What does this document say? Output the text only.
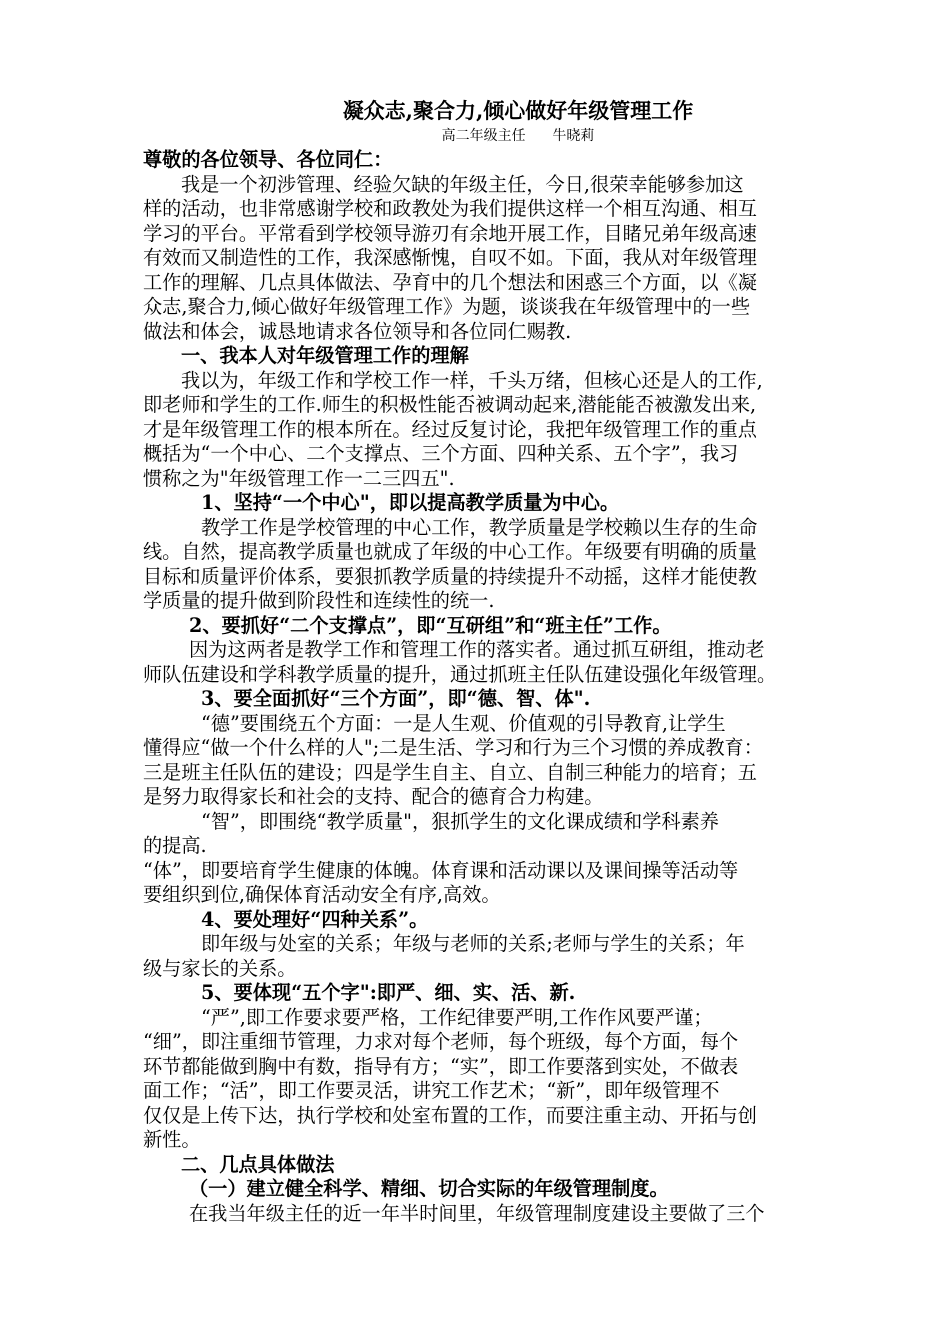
凝众志,聚合力,倾心做好年级管理工作
高二年级主任      牛晓莉
尊敬的各位领导、各位同仁：
我是一个初涉管理、经验欠缺的年级主任，今日,很荣幸能够参加这
样的活动，也非常感谢学校和政教处为我们提供这样一个相互沟通、相互
学习的平台。平常看到学校领导游刃有余地开展工作，目睹兄弟年级高速
有效而又制造性的工作，我深感惭愧，自叹不如。下面，我从对年级管理
工作的理解、几点具体做法、孕育中的几个想法和困惑三个方面，以《凝
众志,聚合力,倾心做好年级管理工作》为题，谈谈我在年级管理中的一些
做法和体会，诚恳地请求各位领导和各位同仁赐教.
一、我本人对年级管理工作的理解
我以为，年级工作和学校工作一样，千头万绪，但核心还是人的工作,
即老师和学生的工作.师生的积极性能否被调动起来,潜能能否被激发出来,
才是年级管理工作的根本所在。经过反复讨论，我把年级管理工作的重点
概括为“一个中心、二个支撑点、三个方面、四种关系、五个字”，我习
惯称之为"年级管理工作一二三四五".
1、坚持“一个中心"，即以提高教学质量为中心。
教学工作是学校管理的中心工作，教学质量是学校赖以生存的生命
线。自然，提高教学质量也就成了年级的中心工作。年级要有明确的质量
目标和质量评价体系，要狠抓教学质量的持续提升不动摇，这样才能使教
学质量的提升做到阶段性和连续性的统一.
2、要抓好“二个支撑点”，即“互研组”和“班主任”工作。
因为这两者是教学工作和管理工作的落实者。通过抓互研组，推动老
师队伍建设和学科教学质量的提升，通过抓班主任队伍建设强化年级管理。
3、要全面抓好“三个方面”，即“德、智、体".
“德”要围绕五个方面：一是人生观、价值观的引导教育,让学生
懂得应“做一个什么样的人";二是生活、学习和行为三个习惯的养成教育：
三是班主任队伍的建设；四是学生自主、自立、自制三种能力的培育；五
是努力取得家长和社会的支持、配合的德育合力构建。
“智”，即围绕“教学质量"，狠抓学生的文化课成绩和学科素养
的提高.
“体”，即要培育学生健康的体魄。体育课和活动课以及课间操等活动等
要组织到位,确保体育活动安全有序,高效。
4、要处理好“四种关系”。
即年级与处室的关系；年级与老师的关系;老师与学生的关系；年
级与家长的关系。
5、要体现“五个字":即严、细、实、活、新.
“严”,即工作要求要严格，工作纪律要严明,工作作风要严谨；
“细”，即注重细节管理，力求对每个老师，每个班级，每个方面，每个
环节都能做到胸中有数，指导有方；“实”，即工作要落到实处，不做表
面工作；“活”，即工作要灵活，讲究工作艺术；“新”，即年级管理不
仅仅是上传下达，执行学校和处室布置的工作，而要注重主动、开拓与创
新性。
二、几点具体做法
（一）建立健全科学、精细、切合实际的年级管理制度。
在我当年级主任的近一年半时间里，年级管理制度建设主要做了三个
